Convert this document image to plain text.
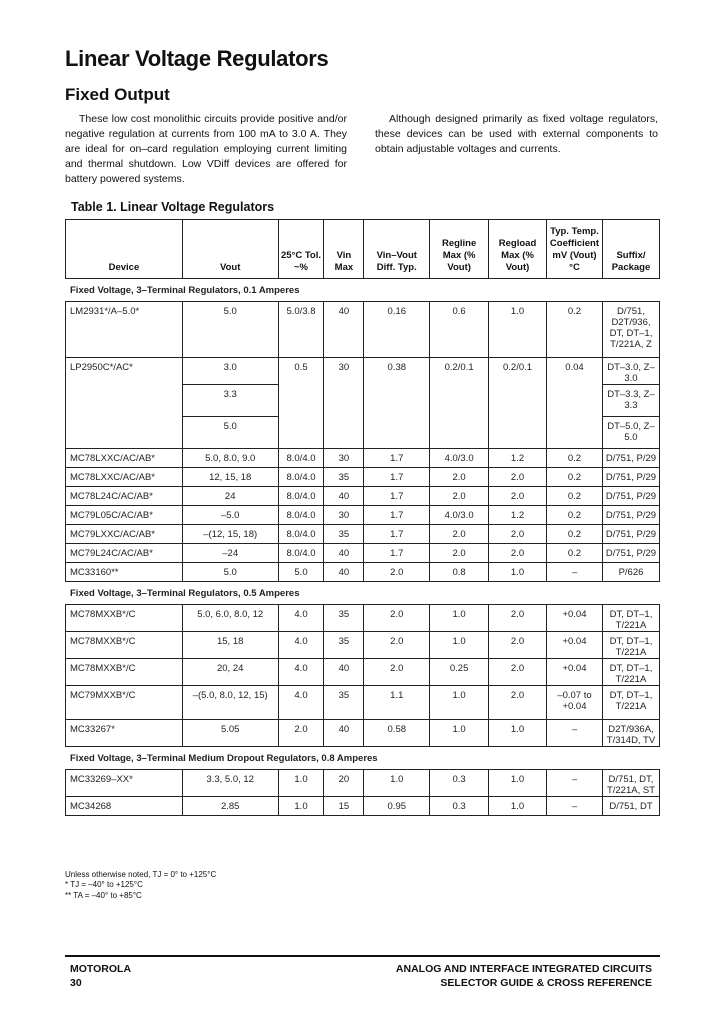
Linear Voltage Regulators
Fixed Output
These low cost monolithic circuits provide positive and/or negative regulation at currents from 100 mA to 3.0 A. They are ideal for on–card regulation employing current limiting and thermal shutdown. Low VDiff devices are offered for battery powered systems.
Although designed primarily as fixed voltage regulators, these devices can be used with external components to obtain adjustable voltages and currents.
Table 1. Linear Voltage Regulators
Device	Vout	25°C Tol. ~%	Vin Max	Vin–Vout Diff. Typ.	Regline Max (% Vout)	Regload Max (% Vout)	Typ. Temp. Coefficient mV (Vout) °C	Suffix/ Package
Fixed Voltage, 3–Terminal Regulators, 0.1 Amperes								
LM2931*/A–5.0*	5.0	5.0/3.8	40	0.16	0.6	1.0	0.2	D/751, D2T/936, DT, DT–1, T/221A, Z
LP2950C*/AC*	3.0	0.5	30	0.38	0.2/0.1	0.2/0.1	0.04	DT–3.0, Z–3.0
	3.3							DT–3.3, Z–3.3
	5.0							DT–5.0, Z–5.0
MC78LXXC/AC/AB*	5.0, 8.0, 9.0	8.0/4.0	30	1.7	4.0/3.0	1.2	0.2	D/751, P/29
MC78LXXC/AC/AB*	12, 15, 18	8.0/4.0	35	1.7	2.0	2.0	0.2	D/751, P/29
MC78L24C/AC/AB*	24	8.0/4.0	40	1.7	2.0	2.0	0.2	D/751, P/29
MC79L05C/AC/AB*	–5.0	8.0/4.0	30	1.7	4.0/3.0	1.2	0.2	D/751, P/29
MC79LXXC/AC/AB*	–(12, 15, 18)	8.0/4.0	35	1.7	2.0	2.0	0.2	D/751, P/29
MC79L24C/AC/AB*	–24	8.0/4.0	40	1.7	2.0	2.0	0.2	D/751, P/29
MC33160**	5.0	5.0	40	2.0	0.8	1.0	–	P/626
Fixed Voltage, 3–Terminal Regulators, 0.5 Amperes								
MC78MXXB*/C	5.0, 6.0, 8.0, 12	4.0	35	2.0	1.0	2.0	+0.04	DT, DT–1, T/221A
MC78MXXB*/C	15, 18	4.0	35	2.0	1.0	2.0	+0.04	DT, DT–1, T/221A
MC78MXXB*/C	20, 24	4.0	40	2.0	0.25	2.0	+0.04	DT, DT–1, T/221A
MC79MXXB*/C	–(5.0, 8.0, 12, 15)	4.0	35	1.1	1.0	2.0	–0.07 to +0.04	DT, DT–1, T/221A
MC33267*	5.05	2.0	40	0.58	1.0	1.0	–	D2T/936A, T/314D, TV
Fixed Voltage, 3–Terminal Medium Dropout Regulators, 0.8 Amperes								
MC33269–XX*	3.3, 5.0, 12	1.0	20	1.0	0.3	1.0	–	D/751, DT, T/221A, ST
MC34268	2.85	1.0	15	0.95	0.3	1.0	–	D/751, DT
Unless otherwise noted, TJ = 0° to +125°C
* TJ = –40° to +125°C
** TA = –40° to +85°C
MOTOROLA
30
ANALOG AND INTERFACE INTEGRATED CIRCUITS
SELECTOR GUIDE & CROSS REFERENCE
